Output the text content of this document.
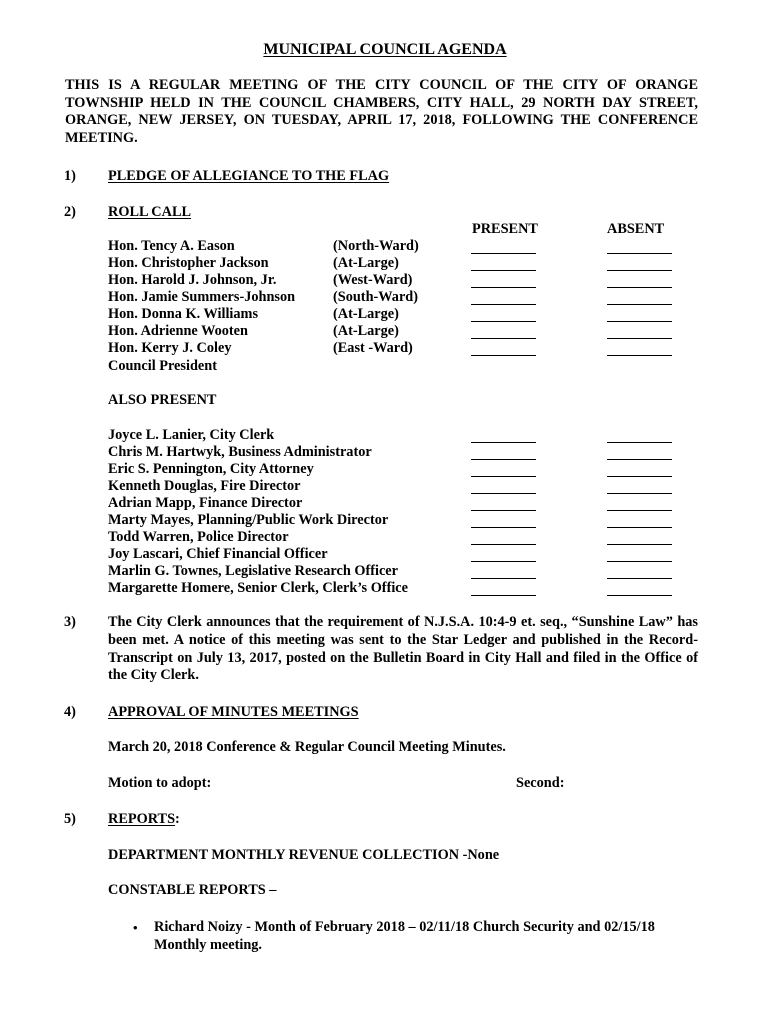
MUNICIPAL COUNCIL AGENDA
THIS IS A REGULAR MEETING OF THE CITY COUNCIL OF THE CITY OF ORANGE TOWNSHIP HELD IN THE COUNCIL CHAMBERS, CITY HALL, 29 NORTH DAY STREET, ORANGE, NEW JERSEY, ON TUESDAY, APRIL 17, 2018, FOLLOWING THE CONFERENCE MEETING.
1) PLEDGE OF ALLEGIANCE TO THE FLAG
2) ROLL CALL
PRESENT	ABSENT
Hon. Tency A. Eason	(North-Ward)
Hon. Christopher Jackson	(At-Large)
Hon. Harold J. Johnson, Jr.	(West-Ward)
Hon. Jamie Summers-Johnson	(South-Ward)
Hon. Donna K. Williams	(At-Large)
Hon. Adrienne Wooten	(At-Large)
Hon. Kerry J. Coley	(East -Ward)
Council President
ALSO PRESENT
Joyce L. Lanier, City Clerk
Chris M. Hartwyk, Business Administrator
Eric S. Pennington, City Attorney
Kenneth Douglas, Fire Director
Adrian Mapp, Finance Director
Marty Mayes, Planning/Public Work Director
Todd Warren, Police Director
Joy Lascari, Chief Financial Officer
Marlin G. Townes, Legislative Research Officer
Margarette Homere, Senior Clerk, Clerk’s Office
3) The City Clerk announces that the requirement of N.J.S.A. 10:4-9 et. seq., “Sunshine Law” has been met. A notice of this meeting was sent to the Star Ledger and published in the Record-Transcript on July 13, 2017, posted on the Bulletin Board in City Hall and filed in the Office of the City Clerk.
4) APPROVAL OF MINUTES MEETINGS
March 20, 2018 Conference & Regular Council Meeting Minutes.
Motion to adopt:	Second:
5) REPORTS:
DEPARTMENT MONTHLY REVENUE COLLECTION -None
CONSTABLE REPORTS –
• Richard Noizy - Month of February 2018 – 02/11/18 Church Security and 02/15/18 Monthly meeting.
